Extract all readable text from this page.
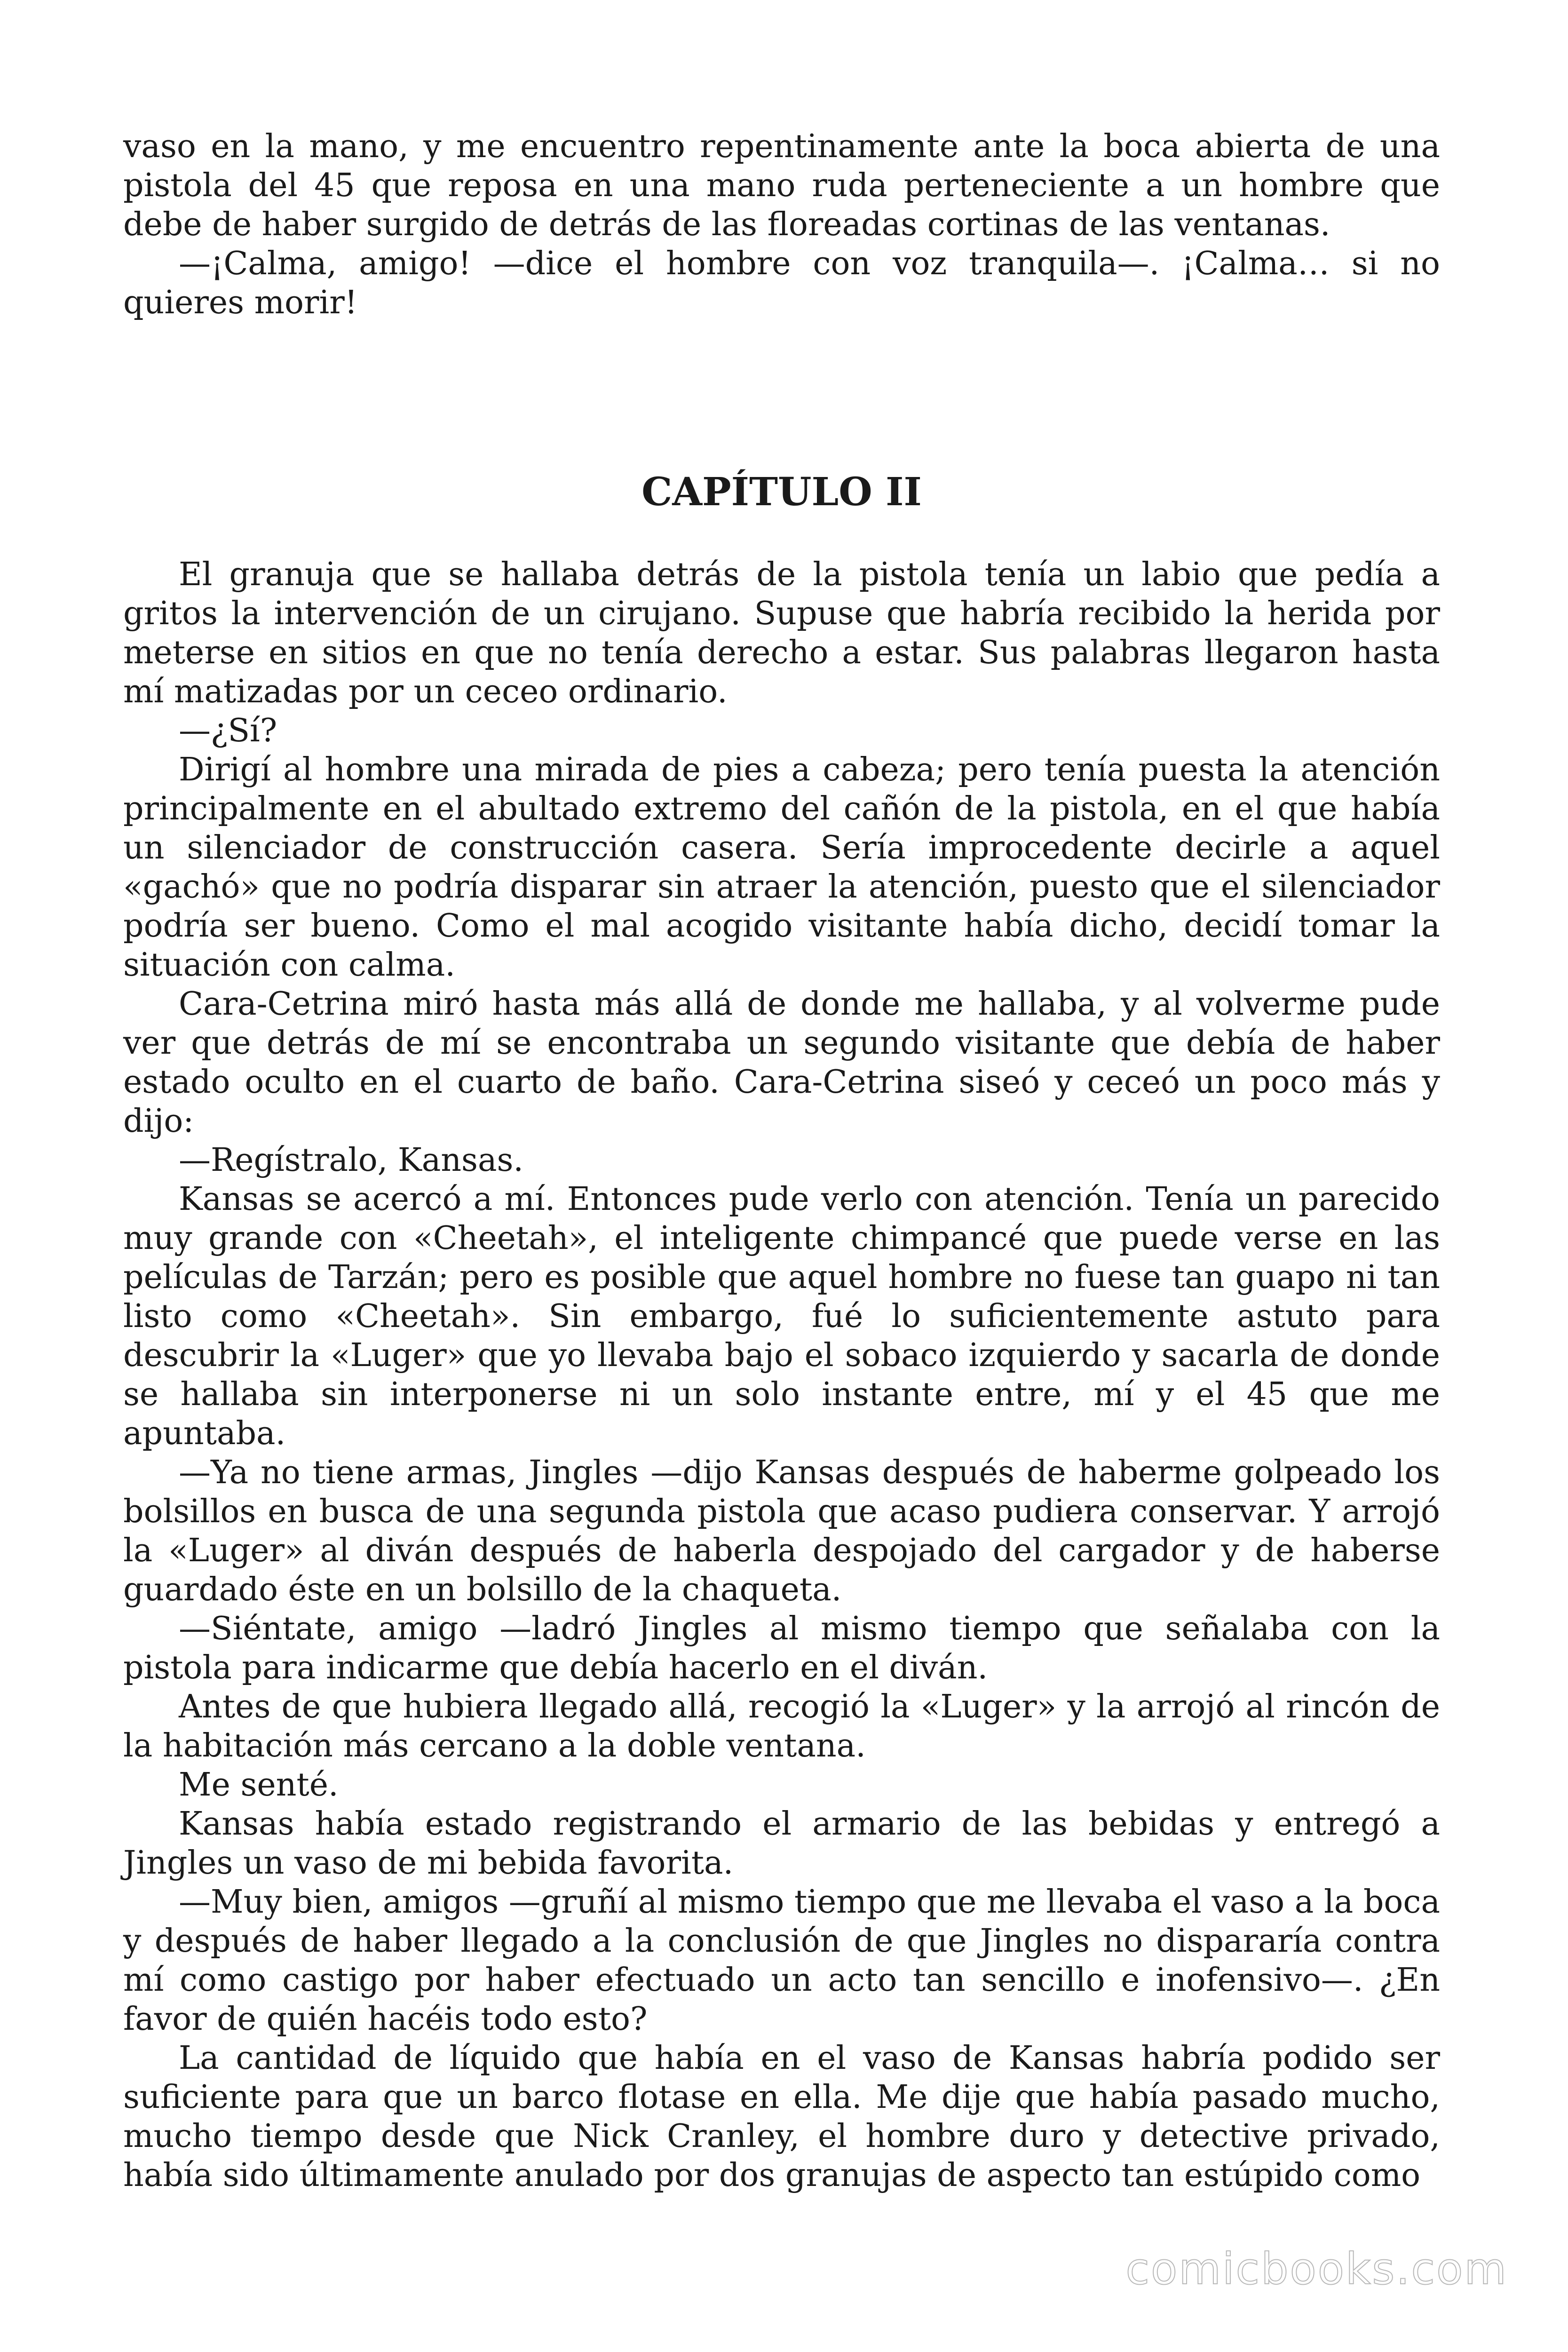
vaso en la mano, y me encuentro repentinamente ante la boca abierta de una pistola del 45 que reposa en una mano ruda perteneciente a un hombre que debe de haber surgido de detrás de las floreadas cortinas de las ventanas.

—¡Calma, amigo! —dice el hombre con voz tranquila—. ¡Calma… si no quieres morir!

CAPÍTULO II

El granuja que se hallaba detrás de la pistola tenía un labio que pedía a gritos la intervención de un cirujano. Supuse que habría recibido la herida por meterse en sitios en que no tenía derecho a estar. Sus palabras llegaron hasta mí matizadas por un ceceo ordinario.

—¿Sí?

Dirigí al hombre una mirada de pies a cabeza; pero tenía puesta la atención principalmente en el abultado extremo del cañón de la pistola, en el que había un silenciador de construcción casera. Sería improcedente decirle a aquel «gachó» que no podría disparar sin atraer la atención, puesto que el silenciador podría ser bueno. Como el mal acogido visitante había dicho, decidí tomar la situación con calma.

Cara-Cetrina miró hasta más allá de donde me hallaba, y al volverme pude ver que detrás de mí se encontraba un segundo visitante que debía de haber estado oculto en el cuarto de baño. Cara-Cetrina siseó y ceceó un poco más y dijo:

—Regístralo, Kansas.

Kansas se acercó a mí. Entonces pude verlo con atención. Tenía un parecido muy grande con «Cheetah», el inteligente chimpancé que puede verse en las películas de Tarzán; pero es posible que aquel hombre no fuese tan guapo ni tan listo como «Cheetah». Sin embargo, fué lo suficientemente astuto para descubrir la «Luger» que yo llevaba bajo el sobaco izquierdo y sacarla de donde se hallaba sin interponerse ni un solo instante entre, mí y el 45 que me apuntaba.

—Ya no tiene armas, Jingles —dijo Kansas después de haberme golpeado los bolsillos en busca de una segunda pistola que acaso pudiera conservar. Y arrojó la «Luger» al diván después de haberla despojado del cargador y de haberse guardado éste en un bolsillo de la chaqueta.

—Siéntate, amigo —ladró Jingles al mismo tiempo que señalaba con la pistola para indicarme que debía hacerlo en el diván.

Antes de que hubiera llegado allá, recogió la «Luger» y la arrojó al rincón de la habitación más cercano a la doble ventana.

Me senté.

Kansas había estado registrando el armario de las bebidas y entregó a Jingles un vaso de mi bebida favorita.

—Muy bien, amigos —gruñí al mismo tiempo que me llevaba el vaso a la boca y después de haber llegado a la conclusión de que Jingles no dispararía contra mí como castigo por haber efectuado un acto tan sencillo e inofensivo—. ¿En favor de quién hacéis todo esto?

La cantidad de líquido que había en el vaso de Kansas habría podido ser suficiente para que un barco flotase en ella. Me dije que había pasado mucho, mucho tiempo desde que Nick Cranley, el hombre duro y detective privado, había sido últimamente anulado por dos granujas de aspecto tan estúpido como

comicbooks.com
